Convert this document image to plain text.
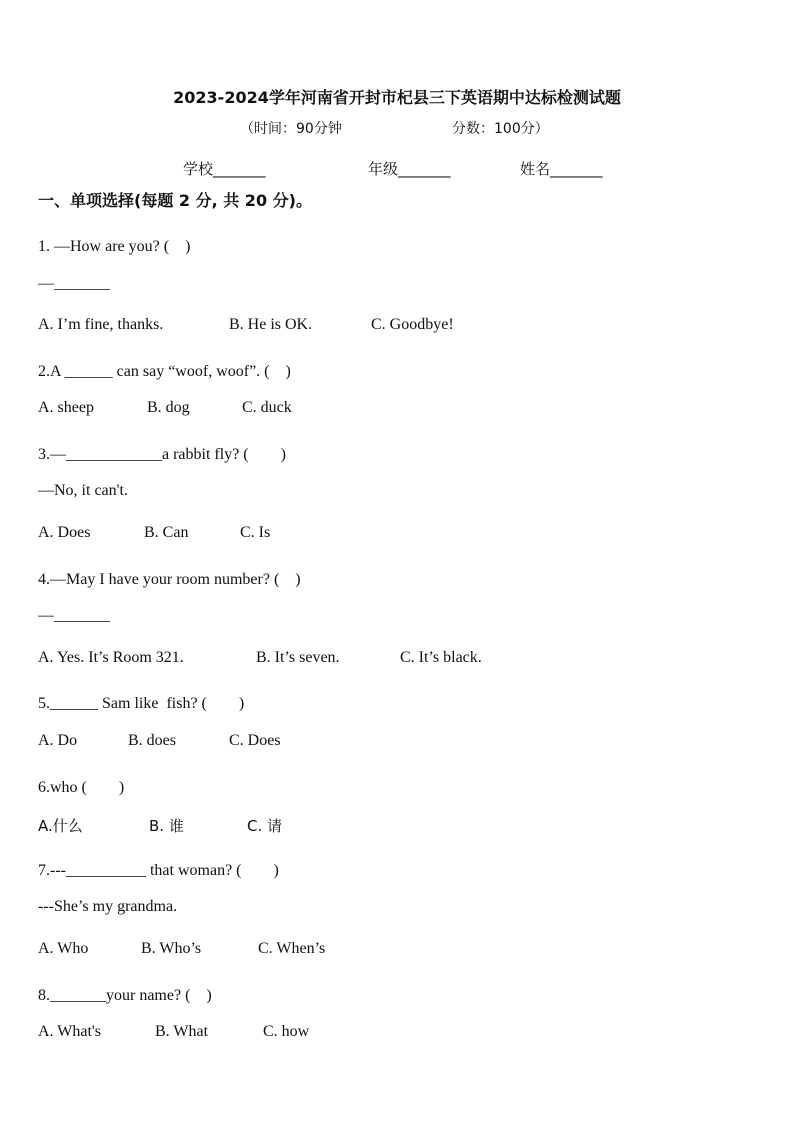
2023-2024学年河南省开封市杞县三下英语期中达标检测试题
（时间：90分钟	分数：100分）
学校_______	年级_______	姓名_______
一、单项选择(每题 2 分, 共 20 分)。
1. —How are you? (　)
—_______
A. I’m fine, thanks.	B. He is OK.	C. Goodbye!
2.A ______ can say “woof, woof”. (　)
A. sheep	B. dog	C. duck
3.—____________a rabbit fly? (　　)
—No, it can't.
A. Does	B. Can	C. Is
4.—May I have your room number? (　)
—_______
A. Yes. It’s Room 321.	B. It’s seven.	C. It’s black.
5.______ Sam like  fish? (　　)
A. Do	B. does	C. Does
6.who (　　)
A.什么	B. 谁	C. 请
7.---__________ that woman? (　　)
---She’s my grandma.
A. Who	B. Who’s	C. When’s
8._______your name? (　)
A. What's	B. What	C. how
